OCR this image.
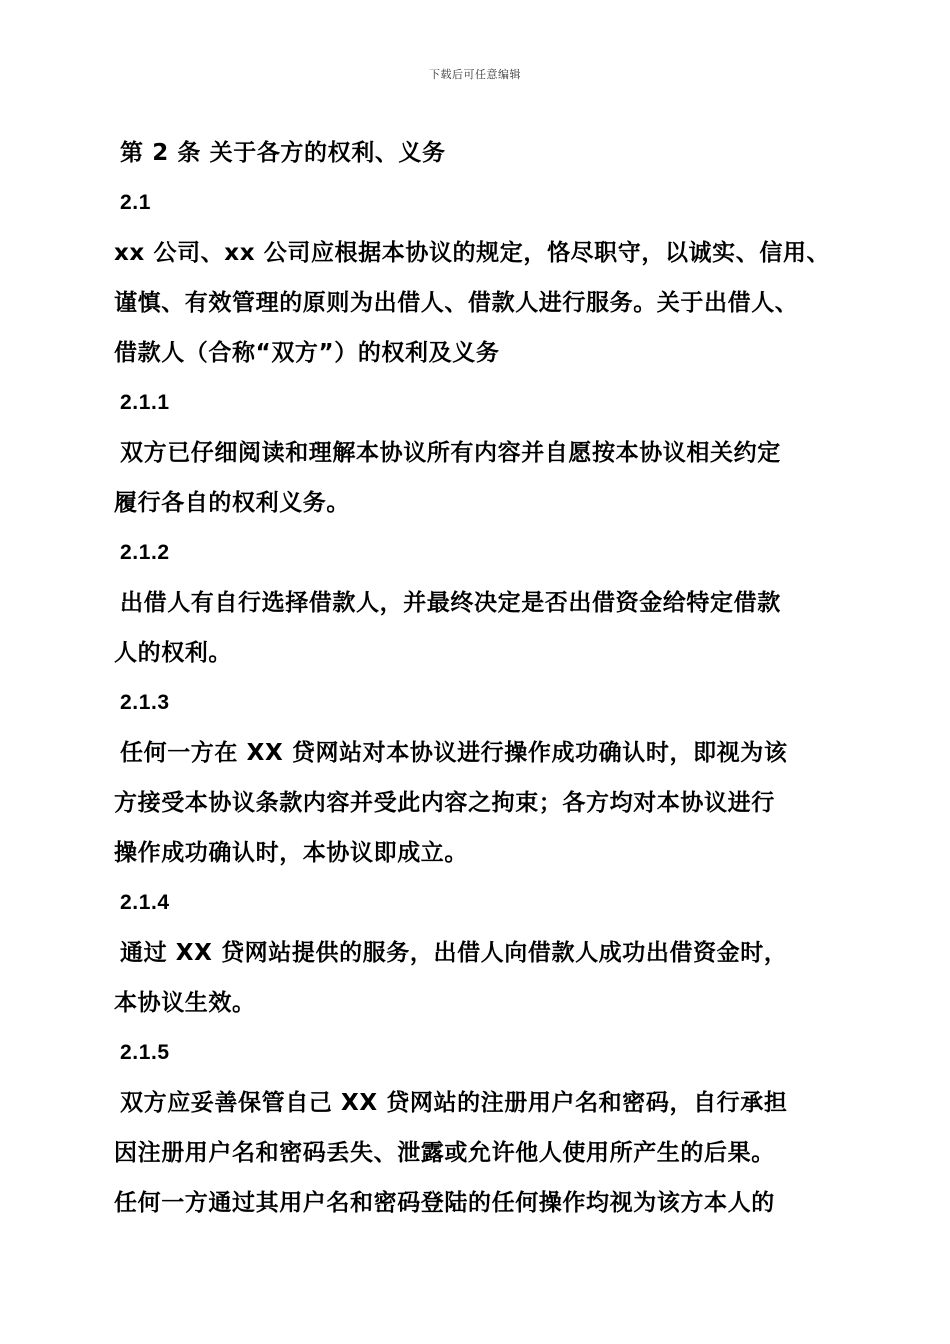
下载后可任意编辑
第 2 条 关于各方的权利、义务
2.1
xx 公司、xx 公司应根据本协议的规定，恪尽职守，以诚实、信用、
谨慎、有效管理的原则为出借人、借款人进行服务。关于出借人、
借款人（合称“双方”）的权利及义务
2.1.1
双方已仔细阅读和理解本协议所有内容并自愿按本协议相关约定
履行各自的权利义务。
2.1.2
出借人有自行选择借款人，并最终决定是否出借资金给特定借款
人的权利。
2.1.3
任何一方在 XX 贷网站对本协议进行操作成功确认时，即视为该
方接受本协议条款内容并受此内容之拘束；各方均对本协议进行
操作成功确认时，本协议即成立。
2.1.4
通过 XX 贷网站提供的服务，出借人向借款人成功出借资金时，
本协议生效。
2.1.5
双方应妥善保管自己 XX 贷网站的注册用户名和密码，自行承担
因注册用户名和密码丢失、泄露或允许他人使用所产生的后果。
任何一方通过其用户名和密码登陆的任何操作均视为该方本人的
